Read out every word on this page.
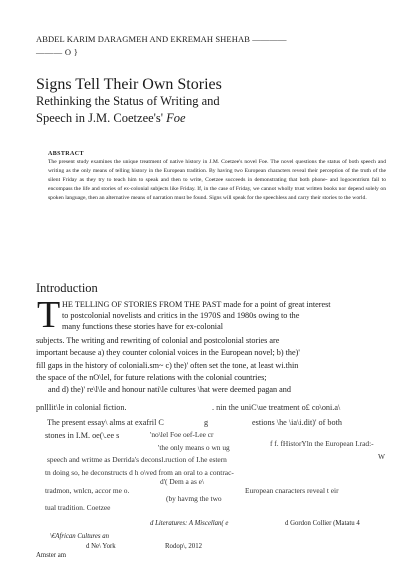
ABDEL KARIM DARAGMEH AND EKREMAH SHEHAB ————
——— O }
Signs Tell Their Own Stories
Rethinking the Status of Writing and
Speech in J.M. Coetzee's' Foe
ABSTRACT
The present study examines the unique treatment of native history in J.M. Coetzee's novel Foe. The novel questions the status of both speech and writing as the only means of telling history in the European tradition. By having two European characters reveal their perception of the truth of the silent Friday as they try to teach him to speak and then to write, Coetzee succeeds in demonstrating that both phone- and logocentrism fail to encompass the life and stories of ex-colonial subjects like Friday. If, in the case of Friday, we cannot wholly trust written books nor depend solely on spoken language, then an alternative means of narration must be found. Signs will speak for the speechless and carry their stories to the world.
Introduction
T HE TELLING OF STORIES FROM THE PAST made for a point of great interest
to postcolonial novelists and critics in the 1970S and 1980s owing to the
many functions these stories have for ex-colonial
subjects. The writing and rewriting of colonial and postcolonial stories are
important because a) they counter colonial voices in the European novel; b) the)'
fill gaps in the history of coloniali.sm~ c) the)' often set the tone, at least wi.thin
the space of the nO\lel, for future relations with the colonial countries;
and d) the)' re\l\le and honour nati\le cultures \hat were deemed pagan and
pnllIit\le in colonial fiction.	. nin the uniC\ue treatment o£ co\oni.a\
The present essay\ alms at exafril C	g	estions \he \ia\i.dit)' of both
stones in I.M. oe(\.ee s	'no\lel Foe oef-Lee cr
f f. fHistorYln the European I.rad:-
'the only means o wn ug
W
speech and writme as Derrida's deconsl.ruction of I.he estern
tn doing so, he deconstructs d h o\ved from an oral to a contrac-
d'( Dem a as e\
tradmon, wnlcn, accor me o.	European cnaracters reveal t eir
(by havmg the two
tual tradition. Coetzee
d Literatures: A Miscellan( e	d Gordon Collier (Matatu 4
\€African Cultures an
d Ne\ York	Rodop\, 2012
Amster am
